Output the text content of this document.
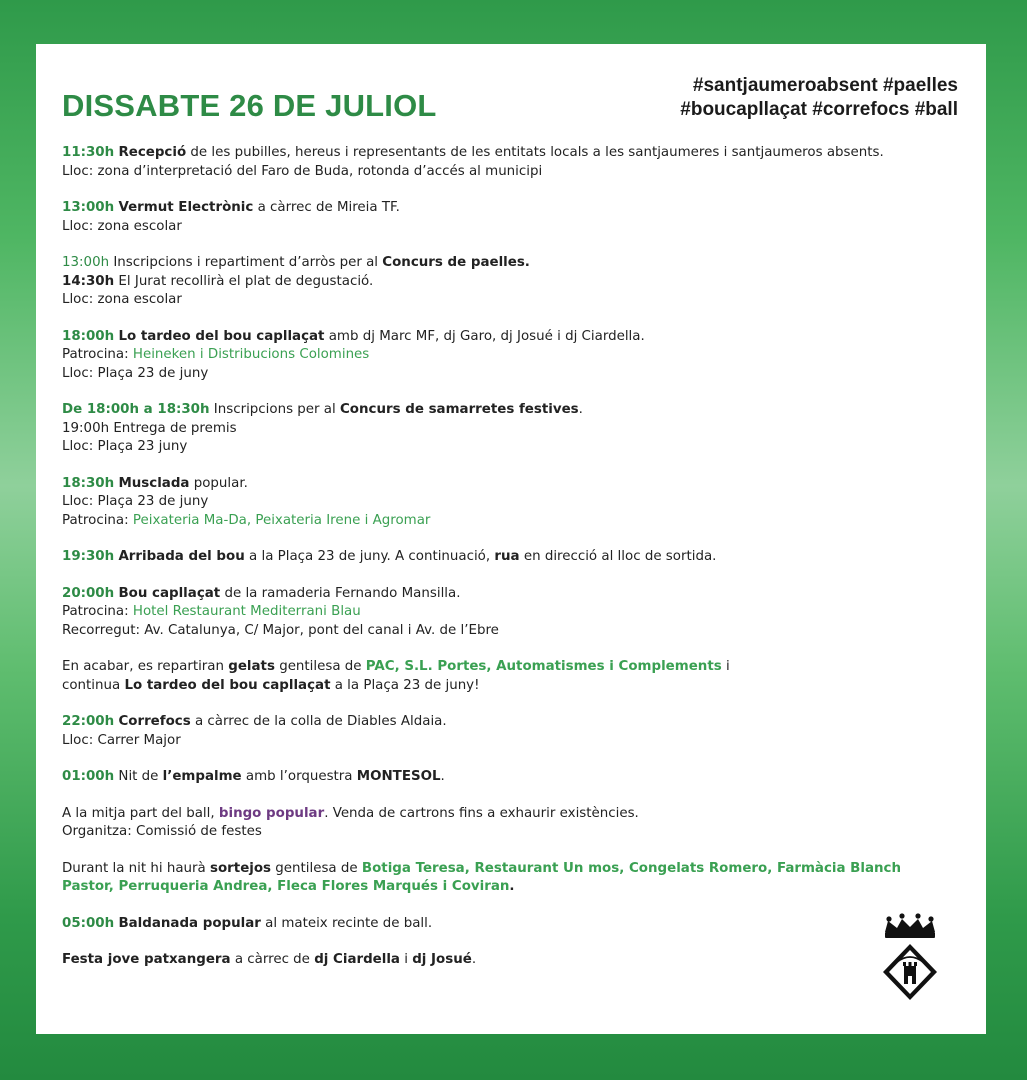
DISSABTE 26 DE JULIOL
#santjaumeroabsent #paelles
#boucapllaçat #correfocs #ball

11:30h Recepció de les pubilles, hereus i representants de les entitats locals a les santjaumeres i santjaumeros absents.

Lloc: zona d’interpretació del Faro de Buda, rotonda d’accés al municipi

13:00h Vermut Electrònic a càrrec de Mireia TF.

Lloc: zona escolar

13:00h Inscripcions i repartiment d’arròs per al Concurs de paelles.

14:30h El Jurat recollirà el plat de degustació.

Lloc: zona escolar

18:00h Lo tardeo del bou capllaçat amb dj Marc MF, dj Garo, dj Josué i dj Ciardella.

Patrocina: Heineken i Distribucions Colomines

Lloc: Plaça 23 de juny

De 18:00h a 18:30h Inscripcions per al Concurs de samarretes festives.

19:00h Entrega de premis

Lloc: Plaça 23 juny

18:30h Musclada popular.

Lloc: Plaça 23 de juny

Patrocina: Peixateria Ma-Da, Peixateria Irene i Agromar

19:30h Arribada del bou a la Plaça 23 de juny. A continuació, rua en direcció al lloc de sortida.

20:00h Bou capllaçat de la ramaderia Fernando Mansilla.

Patrocina: Hotel Restaurant Mediterrani Blau

Recorregut: Av. Catalunya, C/ Major, pont del canal i Av. de l’Ebre

En acabar, es repartiran gelats gentilesa de PAC, S.L. Portes, Automatismes i Complements i

continua Lo tardeo del bou capllaçat a la Plaça 23 de juny!

22:00h Correfocs a càrrec de la colla de Diables Aldaia.

Lloc: Carrer Major

01:00h Nit de l’empalme amb l’orquestra MONTESOL.

A la mitja part del ball, bingo popular. Venda de cartrons fins a exhaurir existències.

Organitza: Comissió de festes

Durant la nit hi haurà sortejos gentilesa de Botiga Teresa, Restaurant Un mos, Congelats Romero, Farmàcia Blanch

Pastor, Perruqueria Andrea, Fleca Flores Marqués i Coviran.

05:00h Baldanada popular al mateix recinte de ball.

Festa jove patxangera a càrrec de dj Ciardella i dj Josué.
